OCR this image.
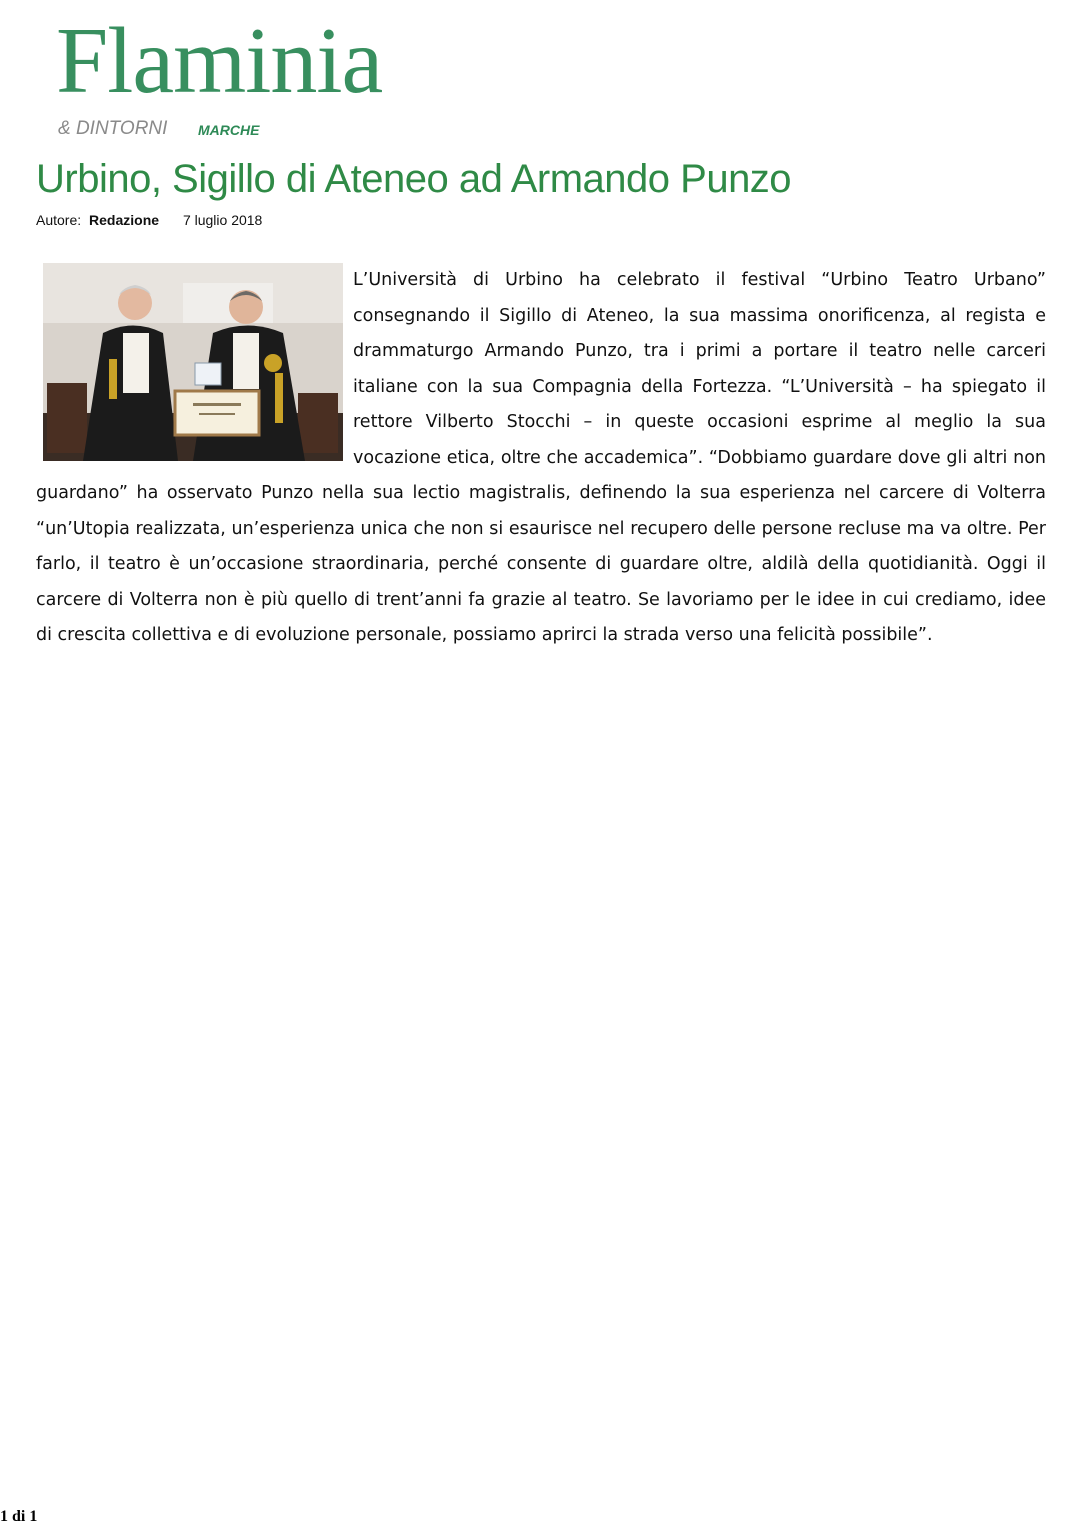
Flaminia
& DINTORNI MARCHE
Urbino, Sigillo di Ateneo ad Armando Punzo
Autore: Redazione 7 luglio 2018
L’Università di Urbino ha celebrato il festival “Urbino Teatro Urbano” consegnando il Sigillo di Ateneo, la sua massima onorificenza, al regista e drammaturgo Armando Punzo, tra i primi a portare il teatro nelle carceri italiane con la sua Compagnia della Fortezza. “L’Università – ha spiegato il rettore Vilberto Stocchi – in queste occasioni esprime al meglio la sua vocazione etica, oltre che accademica”. “Dobbiamo guardare dove gli altri non guardano” ha osservato Punzo nella sua lectio magistralis, definendo la sua esperienza nel carcere di Volterra “un’Utopia realizzata, un’esperienza unica che non si esaurisce nel recupero delle persone recluse ma va oltre. Per farlo, il teatro è un’occasione straordinaria, perché consente di guardare oltre, aldilà della quotidianità. Oggi il carcere di Volterra non è più quello di trent’anni fa grazie al teatro. Se lavoriamo per le idee in cui crediamo, idee di crescita collettiva e di evoluzione personale, possiamo aprirci la strada verso una felicità possibile”.
1 di 1
